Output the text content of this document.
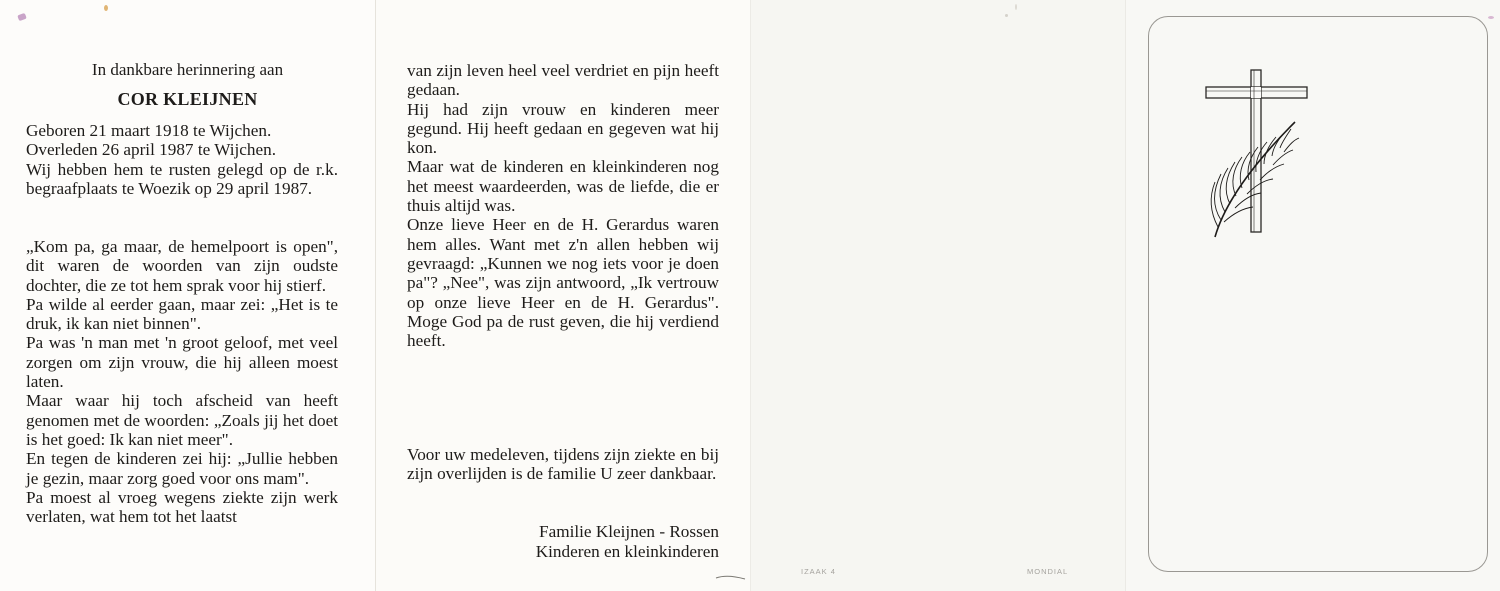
In dankbare herinnering aan
COR KLEIJNEN

Geboren 21 maart 1918 te Wijchen.

Overleden 26 april 1987 te Wijchen.

Wij hebben hem te rusten gelegd op de r.k. begraafplaats te Woezik op 29 april 1987.

„Kom pa, ga maar, de hemelpoort is open", dit waren de woorden van zijn oudste dochter, die ze tot hem sprak voor hij stierf.

Pa wilde al eerder gaan, maar zei: „Het is te druk, ik kan niet binnen".

Pa was 'n man met 'n groot geloof, met veel zorgen om zijn vrouw, die hij alleen moest laten.

Maar waar hij toch afscheid van heeft genomen met de woorden: „Zoals jij het doet is het goed: Ik kan niet meer".

En tegen de kinderen zei hij: „Jullie hebben je gezin, maar zorg goed voor ons mam".

Pa moest al vroeg wegens ziekte zijn werk verlaten, wat hem tot het laatst

van zijn leven heel veel verdriet en pijn heeft gedaan.

Hij had zijn vrouw en kinderen meer gegund. Hij heeft gedaan en gegeven wat hij kon.

Maar wat de kinderen en kleinkinderen nog het meest waardeerden, was de liefde, die er thuis altijd was.

Onze lieve Heer en de H. Gerardus waren hem alles. Want met z'n allen hebben wij gevraagd: „Kunnen we nog iets voor je doen pa"? „Nee", was zijn antwoord, „Ik vertrouw op onze lieve Heer en de H. Gerardus". Moge God pa de rust geven, die hij verdiend heeft.

Voor uw medeleven, tijdens zijn ziekte en bij zijn overlijden is de familie U zeer dankbaar.
Familie Kleijnen - Rossen
Kinderen en kleinkinderen
IZAAK 4	MONDIAL
